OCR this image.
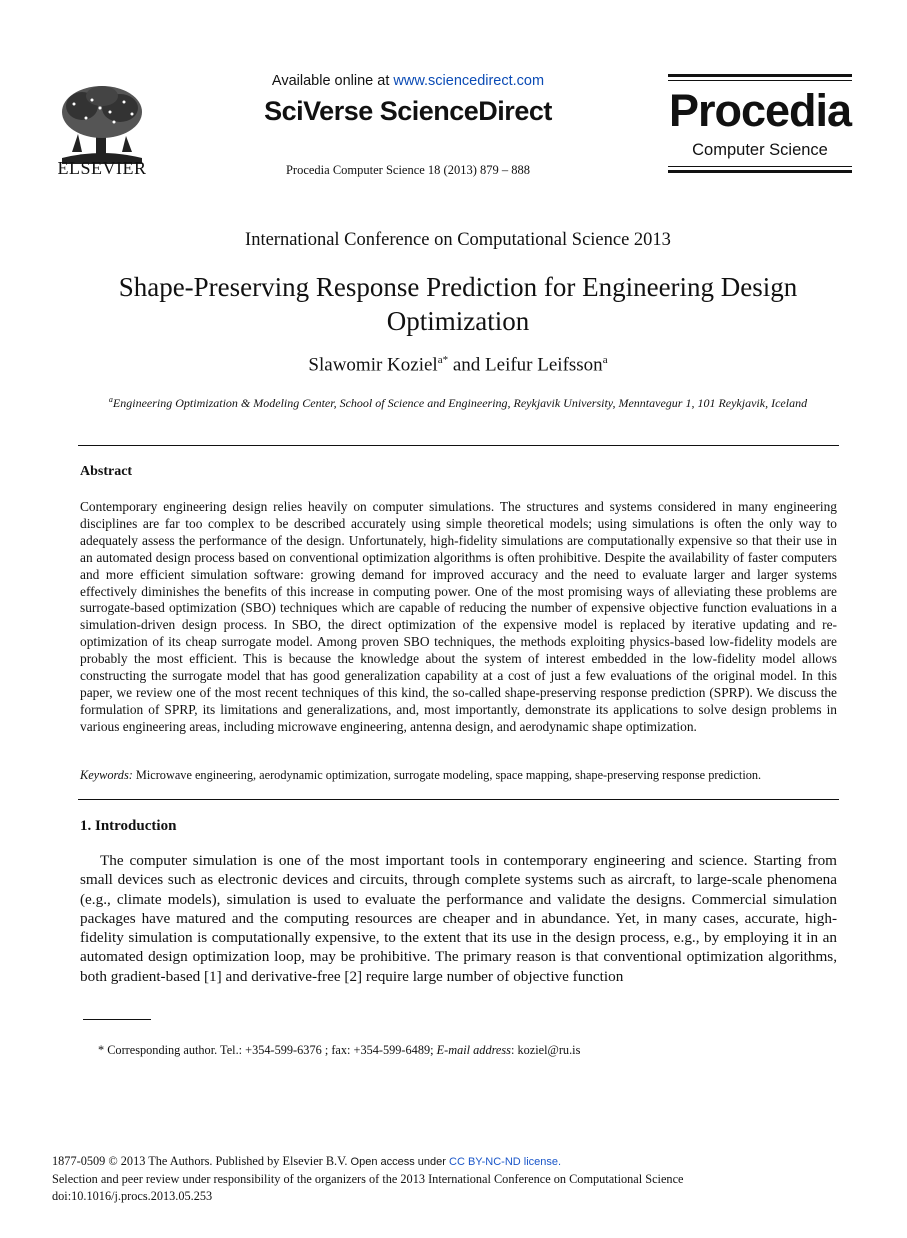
ELSEVIER
Available online at www.sciencedirect.com
SciVerse ScienceDirect
Procedia Computer Science 18 (2013) 879 – 888
Procedia
Computer Science
International Conference on Computational Science 2013
Shape-Preserving Response Prediction for Engineering Design Optimization
Slawomir Koziel$^{a*}$ and Leifur Leifsson$^a$
$^a$Engineering Optimization & Modeling Center, School of Science and Engineering, Reykjavik University, Menntavegur 1, 101 Reykjavik, Iceland
Abstract
Contemporary engineering design relies heavily on computer simulations. The structures and systems considered in many engineering disciplines are far too complex to be described accurately using simple theoretical models; using simulations is often the only way to adequately assess the performance of the design. Unfortunately, high-fidelity simulations are computationally expensive so that their use in an automated design process based on conventional optimization algorithms is often prohibitive. Despite the availability of faster computers and more efficient simulation software: growing demand for improved accuracy and the need to evaluate larger and larger systems effectively diminishes the benefits of this increase in computing power. One of the most promising ways of alleviating these problems are surrogate-based optimization (SBO) techniques which are capable of reducing the number of expensive objective function evaluations in a simulation-driven design process. In SBO, the direct optimization of the expensive model is replaced by iterative updating and re-optimization of its cheap surrogate model. Among proven SBO techniques, the methods exploiting physics-based low-fidelity models are probably the most efficient. This is because the knowledge about the system of interest embedded in the low-fidelity model allows constructing the surrogate model that has good generalization capability at a cost of just a few evaluations of the original model. In this paper, we review one of the most recent techniques of this kind, the so-called shape-preserving response prediction (SPRP). We discuss the formulation of SPRP, its limitations and generalizations, and, most importantly, demonstrate its applications to solve design problems in various engineering areas, including microwave engineering, antenna design, and aerodynamic shape optimization.
Keywords: Microwave engineering, aerodynamic optimization, surrogate modeling, space mapping, shape-preserving response prediction.
1. Introduction
The computer simulation is one of the most important tools in contemporary engineering and science. Starting from small devices such as electronic devices and circuits, through complete systems such as aircraft, to large-scale phenomena (e.g., climate models), simulation is used to evaluate the performance and validate the designs. Commercial simulation packages have matured and the computing resources are cheaper and in abundance. Yet, in many cases, accurate, high-fidelity simulation is computationally expensive, to the extent that its use in the design process, e.g., by employing it in an automated design optimization loop, may be prohibitive. The primary reason is that conventional optimization algorithms, both gradient-based [1] and derivative-free [2] require large number of objective function
* Corresponding author. Tel.: +354-599-6376 ; fax: +354-599-6489; E-mail address: koziel@ru.is
1877-0509 © 2013 The Authors. Published by Elsevier B.V. Open access under CC BY-NC-ND license.
Selection and peer review under responsibility of the organizers of the 2013 International Conference on Computational Science
doi:10.1016/j.procs.2013.05.253
